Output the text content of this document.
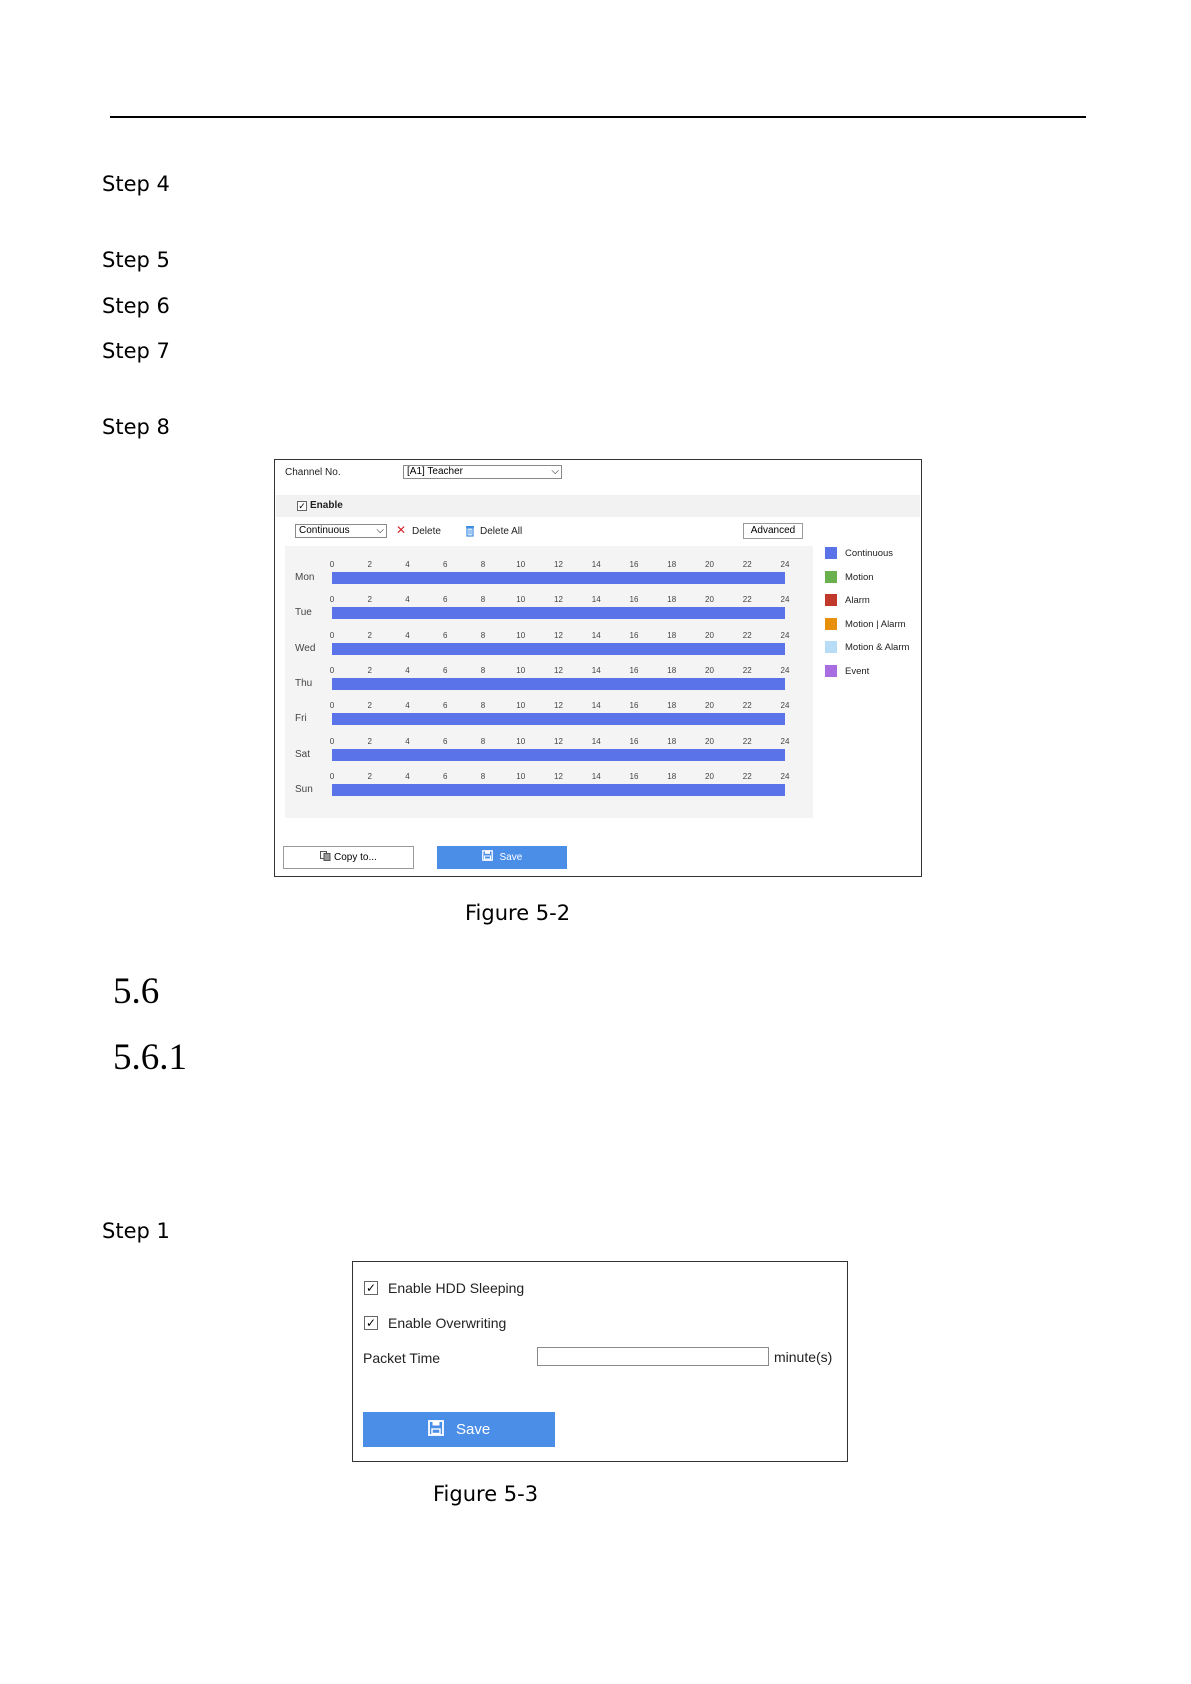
Step 4
Step 5
Step 6
Step 7
Step 8
Channel No.	[A1] Teacher	⌵
✓ Enable
Continuous	⌵ ✕ Delete	Delete All	Advanced
0	2	4	6	8	10	12	14	16	18	20	22	24
Mon
0	2	4	6	8	10	12	14	16	18	20	22	24
Tue
0	2	4	6	8	10	12	14	16	18	20	22	24
Wed
0	2	4	6	8	10	12	14	16	18	20	22	24
Thu
0	2	4	6	8	10	12	14	16	18	20	22	24
Fri
0	2	4	6	8	10	12	14	16	18	20	22	24
Sat
0	2	4	6	8	10	12	14	16	18	20	22	24
Sun
Continuous
Motion
Alarm
Motion | Alarm
Motion & Alarm
Event
Copy to...	Save
Figure 5-2
5.6
5.6.1
Step 1
✓ Enable HDD Sleeping
✓ Enable Overwriting
Packet Time	minute(s)
Save
Figure 5-3
